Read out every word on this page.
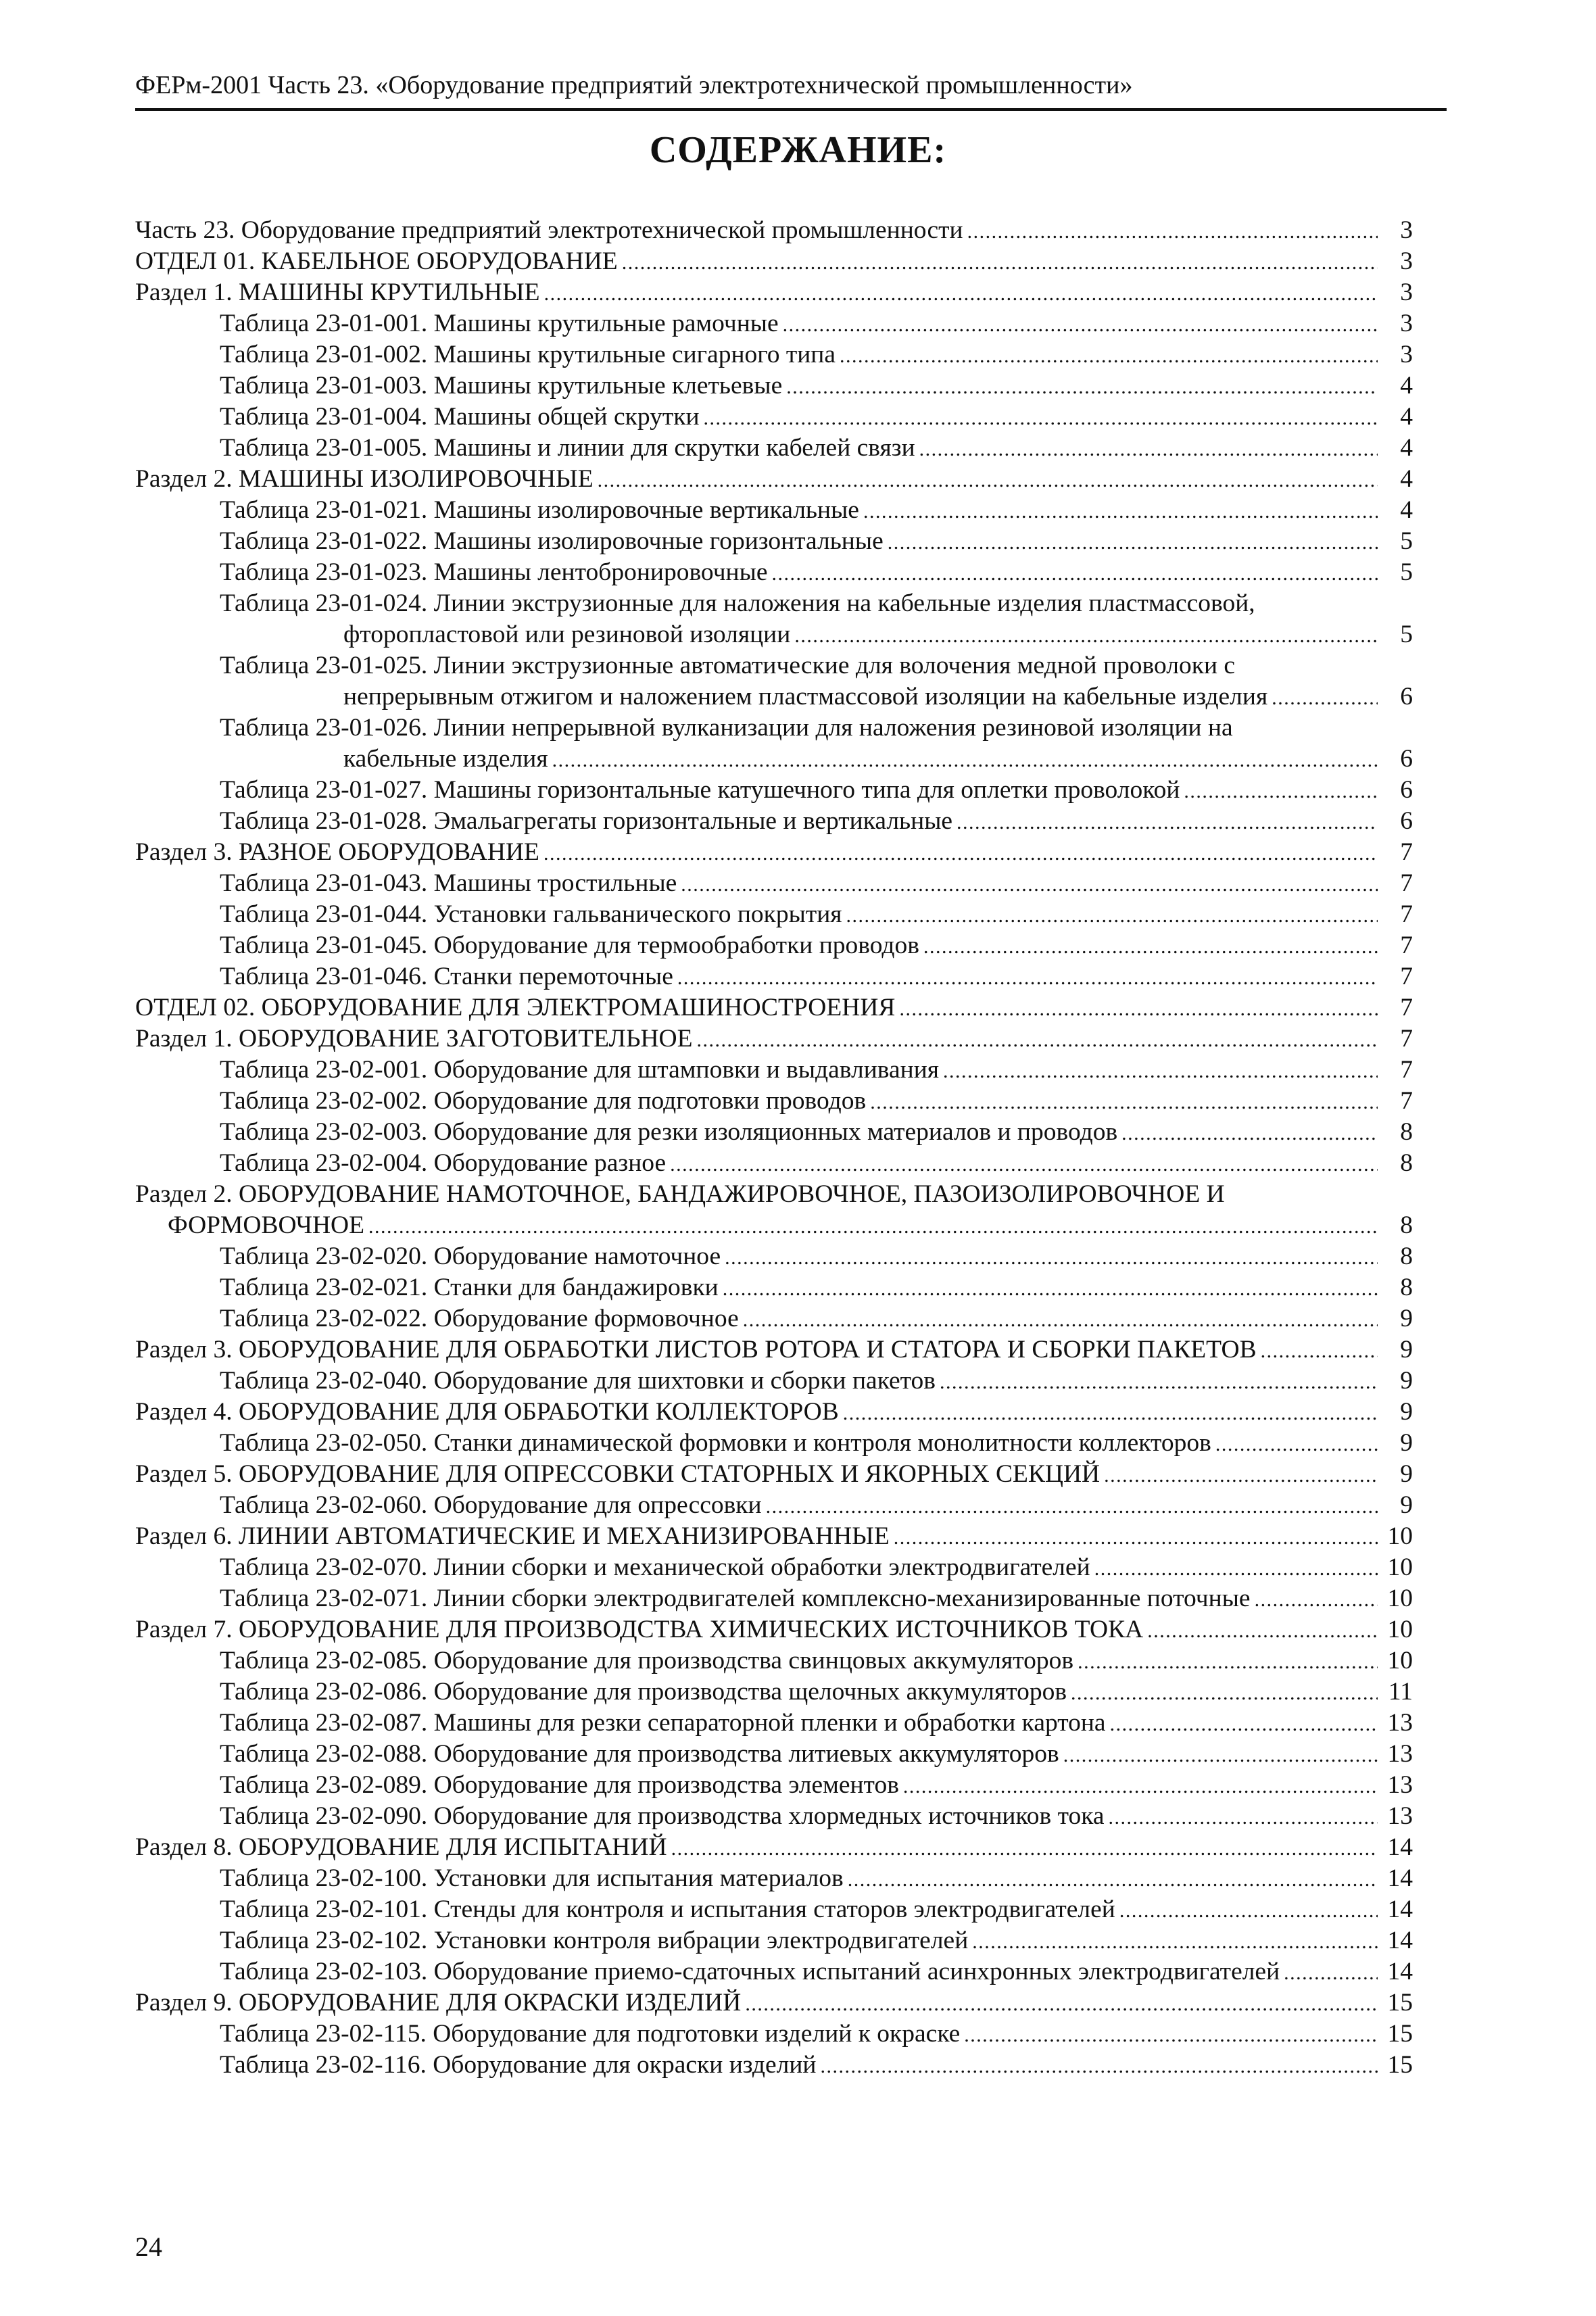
ФЕРм-2001 Часть 23. «Оборудование предприятий электротехнической промышленности»
СОДЕРЖАНИЕ:
Часть 23. Оборудование предприятий электротехнической промышленности . . .	3
ОТДЕЛ 01. КАБЕЛЬНОЕ ОБОРУДОВАНИЕ . . .	3
Раздел 1. МАШИНЫ КРУТИЛЬНЫЕ . . .	3
Таблица 23-01-001. Машины крутильные рамочные . . .	3
Таблица 23-01-002. Машины крутильные сигарного типа . . .	3
Таблица 23-01-003. Машины крутильные клетьевые . . .	4
Таблица 23-01-004. Машины общей скрутки . . .	4
Таблица 23-01-005. Машины и линии для скрутки кабелей связи . . .	4
Раздел 2. МАШИНЫ ИЗОЛИРОВОЧНЫЕ . . .	4
Таблица 23-01-021. Машины изолировочные вертикальные . . .	4
Таблица 23-01-022. Машины изолировочные горизонтальные . . .	5
Таблица 23-01-023. Машины лентобронировочные . . .	5
Таблица 23-01-024. Линии экструзионные для наложения на кабельные изделия пластмассовой,
фторопластовой или резиновой изоляции . . .	5
Таблица 23-01-025. Линии экструзионные автоматические для волочения медной проволоки с
непрерывным отжигом и наложением пластмассовой изоляции на кабельные изделия . . .	6
Таблица 23-01-026. Линии непрерывной вулканизации для наложения резиновой изоляции на
кабельные изделия . . .	6
Таблица 23-01-027. Машины горизонтальные катушечного типа для оплетки проволокой . . .	6
Таблица 23-01-028. Эмальагрегаты горизонтальные и вертикальные . . .	6
Раздел 3. РАЗНОЕ ОБОРУДОВАНИЕ . . .	7
Таблица 23-01-043. Машины тростильные . . .	7
Таблица 23-01-044. Установки гальванического покрытия . . .	7
Таблица 23-01-045. Оборудование для термообработки проводов . . .	7
Таблица 23-01-046. Станки перемоточные . . .	7
ОТДЕЛ 02. ОБОРУДОВАНИЕ ДЛЯ ЭЛЕКТРОМАШИНОСТРОЕНИЯ . . .	7
Раздел 1. ОБОРУДОВАНИЕ ЗАГОТОВИТЕЛЬНОЕ . . .	7
Таблица 23-02-001. Оборудование для штамповки и выдавливания . . .	7
Таблица 23-02-002. Оборудование для подготовки проводов . . .	7
Таблица 23-02-003. Оборудование для резки изоляционных материалов и проводов . . .	8
Таблица 23-02-004. Оборудование разное . . .	8
Раздел 2. ОБОРУДОВАНИЕ НАМОТОЧНОЕ, БАНДАЖИРОВОЧНОЕ, ПАЗОИЗОЛИРОВОЧНОЕ И
ФОРМОВОЧНОЕ . . .	8
Таблица 23-02-020. Оборудование намоточное . . .	8
Таблица 23-02-021. Станки для бандажировки . . .	8
Таблица 23-02-022. Оборудование формовочное . . .	9
Раздел 3. ОБОРУДОВАНИЕ ДЛЯ ОБРАБОТКИ ЛИСТОВ РОТОРА И СТАТОРА И СБОРКИ ПАКЕТОВ . . .	9
Таблица 23-02-040. Оборудование для шихтовки и сборки пакетов . . .	9
Раздел 4. ОБОРУДОВАНИЕ ДЛЯ ОБРАБОТКИ КОЛЛЕКТОРОВ . . .	9
Таблица 23-02-050. Станки динамической формовки и контроля монолитности коллекторов . . .	9
Раздел 5. ОБОРУДОВАНИЕ ДЛЯ ОПРЕССОВКИ СТАТОРНЫХ И ЯКОРНЫХ СЕКЦИЙ . . .	9
Таблица 23-02-060. Оборудование для опрессовки . . .	9
Раздел 6. ЛИНИИ АВТОМАТИЧЕСКИЕ И МЕХАНИЗИРОВАННЫЕ . . .	10
Таблица 23-02-070. Линии сборки и механической обработки электродвигателей . . .	10
Таблица 23-02-071. Линии сборки электродвигателей комплексно-механизированные поточные . . .	10
Раздел 7. ОБОРУДОВАНИЕ ДЛЯ ПРОИЗВОДСТВА ХИМИЧЕСКИХ ИСТОЧНИКОВ ТОКА . . .	10
Таблица 23-02-085. Оборудование для производства свинцовых аккумуляторов . . .	10
Таблица 23-02-086. Оборудование для производства щелочных аккумуляторов . . .	11
Таблица 23-02-087. Машины для резки сепараторной пленки и обработки картона . . .	13
Таблица 23-02-088. Оборудование для производства литиевых аккумуляторов . . .	13
Таблица 23-02-089. Оборудование для производства элементов . . .	13
Таблица 23-02-090. Оборудование для производства хлормедных источников тока . . .	13
Раздел 8. ОБОРУДОВАНИЕ ДЛЯ ИСПЫТАНИЙ . . .	14
Таблица 23-02-100. Установки для испытания материалов . . .	14
Таблица 23-02-101. Стенды для контроля и испытания статоров электродвигателей . . .	14
Таблица 23-02-102. Установки контроля вибрации электродвигателей . . .	14
Таблица 23-02-103. Оборудование приемо-сдаточных испытаний асинхронных электродвигателей . . .	14
Раздел 9. ОБОРУДОВАНИЕ ДЛЯ ОКРАСКИ ИЗДЕЛИЙ . . .	15
Таблица 23-02-115. Оборудование для подготовки изделий к окраске . . .	15
Таблица 23-02-116. Оборудование для окраски изделий . . .	15
24
